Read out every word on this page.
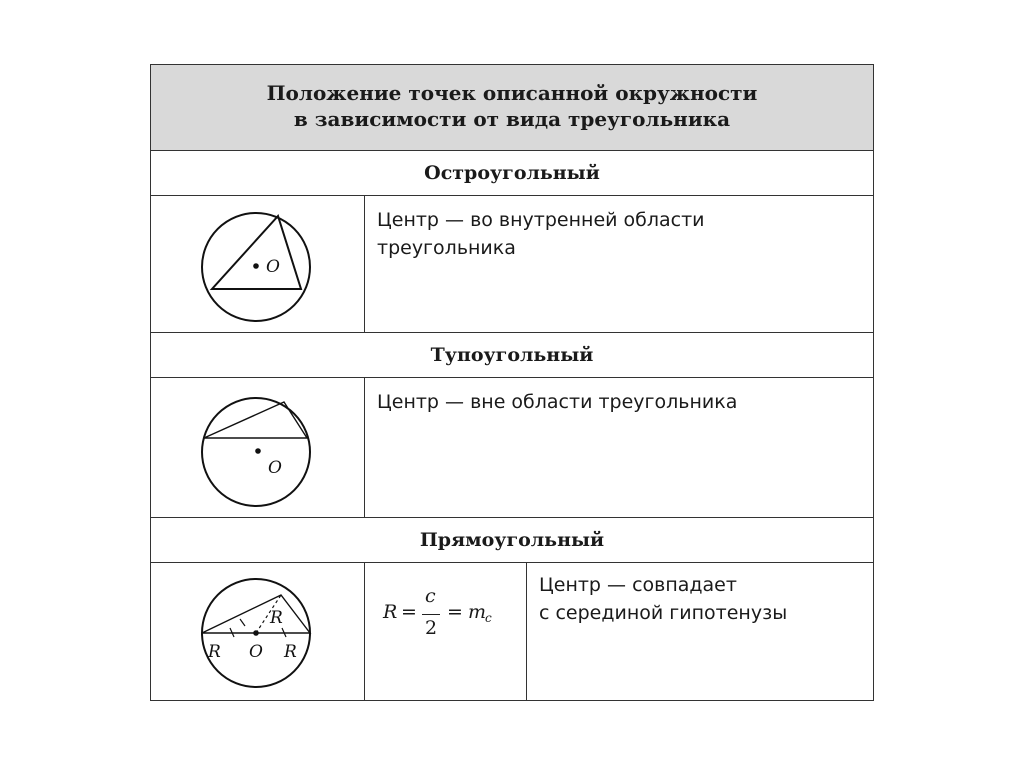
Положение точек описанной окружности
в зависимости от вида треугольника
Остроугольный
O
Центр — во внутренней области
треугольника
Тупоугольный
O
Центр — вне области треугольника
Прямоугольный
R
R O R
R =
c
2
= m
c
Центр — совпадает
с серединой гипотенузы
